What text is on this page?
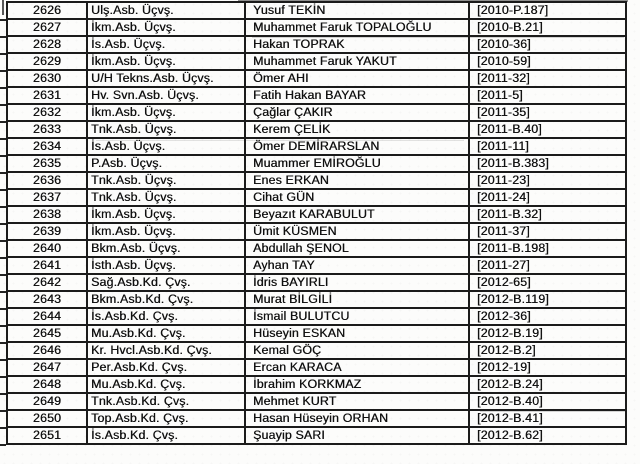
2626	Ulş.Asb. Üçvş.	Yusuf TEKİN	[2010-P.187]
2627	İkm.Asb. Üçvş.	Muhammet Faruk TOPALOĞLU	[2010-B.21]
2628	İs.Asb. Üçvş.	Hakan TOPRAK	[2010-36]
2629	İkm.Asb. Üçvş.	Muhammet Faruk YAKUT	[2010-59]
2630	U/H Tekns.Asb. Üçvş.	Ömer AHI	[2011-32]
2631	Hv. Svn.Asb. Üçvş.	Fatih Hakan BAYAR	[2011-5]
2632	İkm.Asb. Üçvş.	Çağlar ÇAKIR	[2011-35]
2633	Tnk.Asb. Üçvş.	Kerem ÇELİK	[2011-B.40]
2634	İs.Asb. Üçvş.	Ömer DEMİRARSLAN	[2011-11]
2635	P.Asb. Üçvş.	Muammer EMİROĞLU	[2011-B.383]
2636	Tnk.Asb. Üçvş.	Enes ERKAN	[2011-23]
2637	Tnk.Asb. Üçvş.	Cihat GÜN	[2011-24]
2638	İkm.Asb. Üçvş.	Beyazıt KARABULUT	[2011-B.32]
2639	İkm.Asb. Üçvş.	Ümit KÜSMEN	[2011-37]
2640	Bkm.Asb. Üçvş.	Abdullah ŞENOL	[2011-B.198]
2641	İsth.Asb. Üçvş.	Ayhan TAY	[2011-27]
2642	Sağ.Asb.Kd. Çvş.	İdris BAYIRLI	[2012-65]
2643	Bkm.Asb.Kd. Çvş.	Murat BİLGİLİ	[2012-B.119]
2644	İs.Asb.Kd. Çvş.	İsmail BULUTCU	[2012-36]
2645	Mu.Asb.Kd. Çvş.	Hüseyin ESKAN	[2012-B.19]
2646	Kr. Hvcl.Asb.Kd. Çvş.	Kemal GÖÇ	[2012-B.2]
2647	Per.Asb.Kd. Çvş.	Ercan KARACA	[2012-19]
2648	Mu.Asb.Kd. Çvş.	İbrahim KORKMAZ	[2012-B.24]
2649	Tnk.Asb.Kd. Çvş.	Mehmet KURT	[2012-B.40]
2650	Top.Asb.Kd. Çvş.	Hasan Hüseyin ORHAN	[2012-B.41]
2651	İs.Asb.Kd. Çvş.	Şuayip SARI	[2012-B.62]
